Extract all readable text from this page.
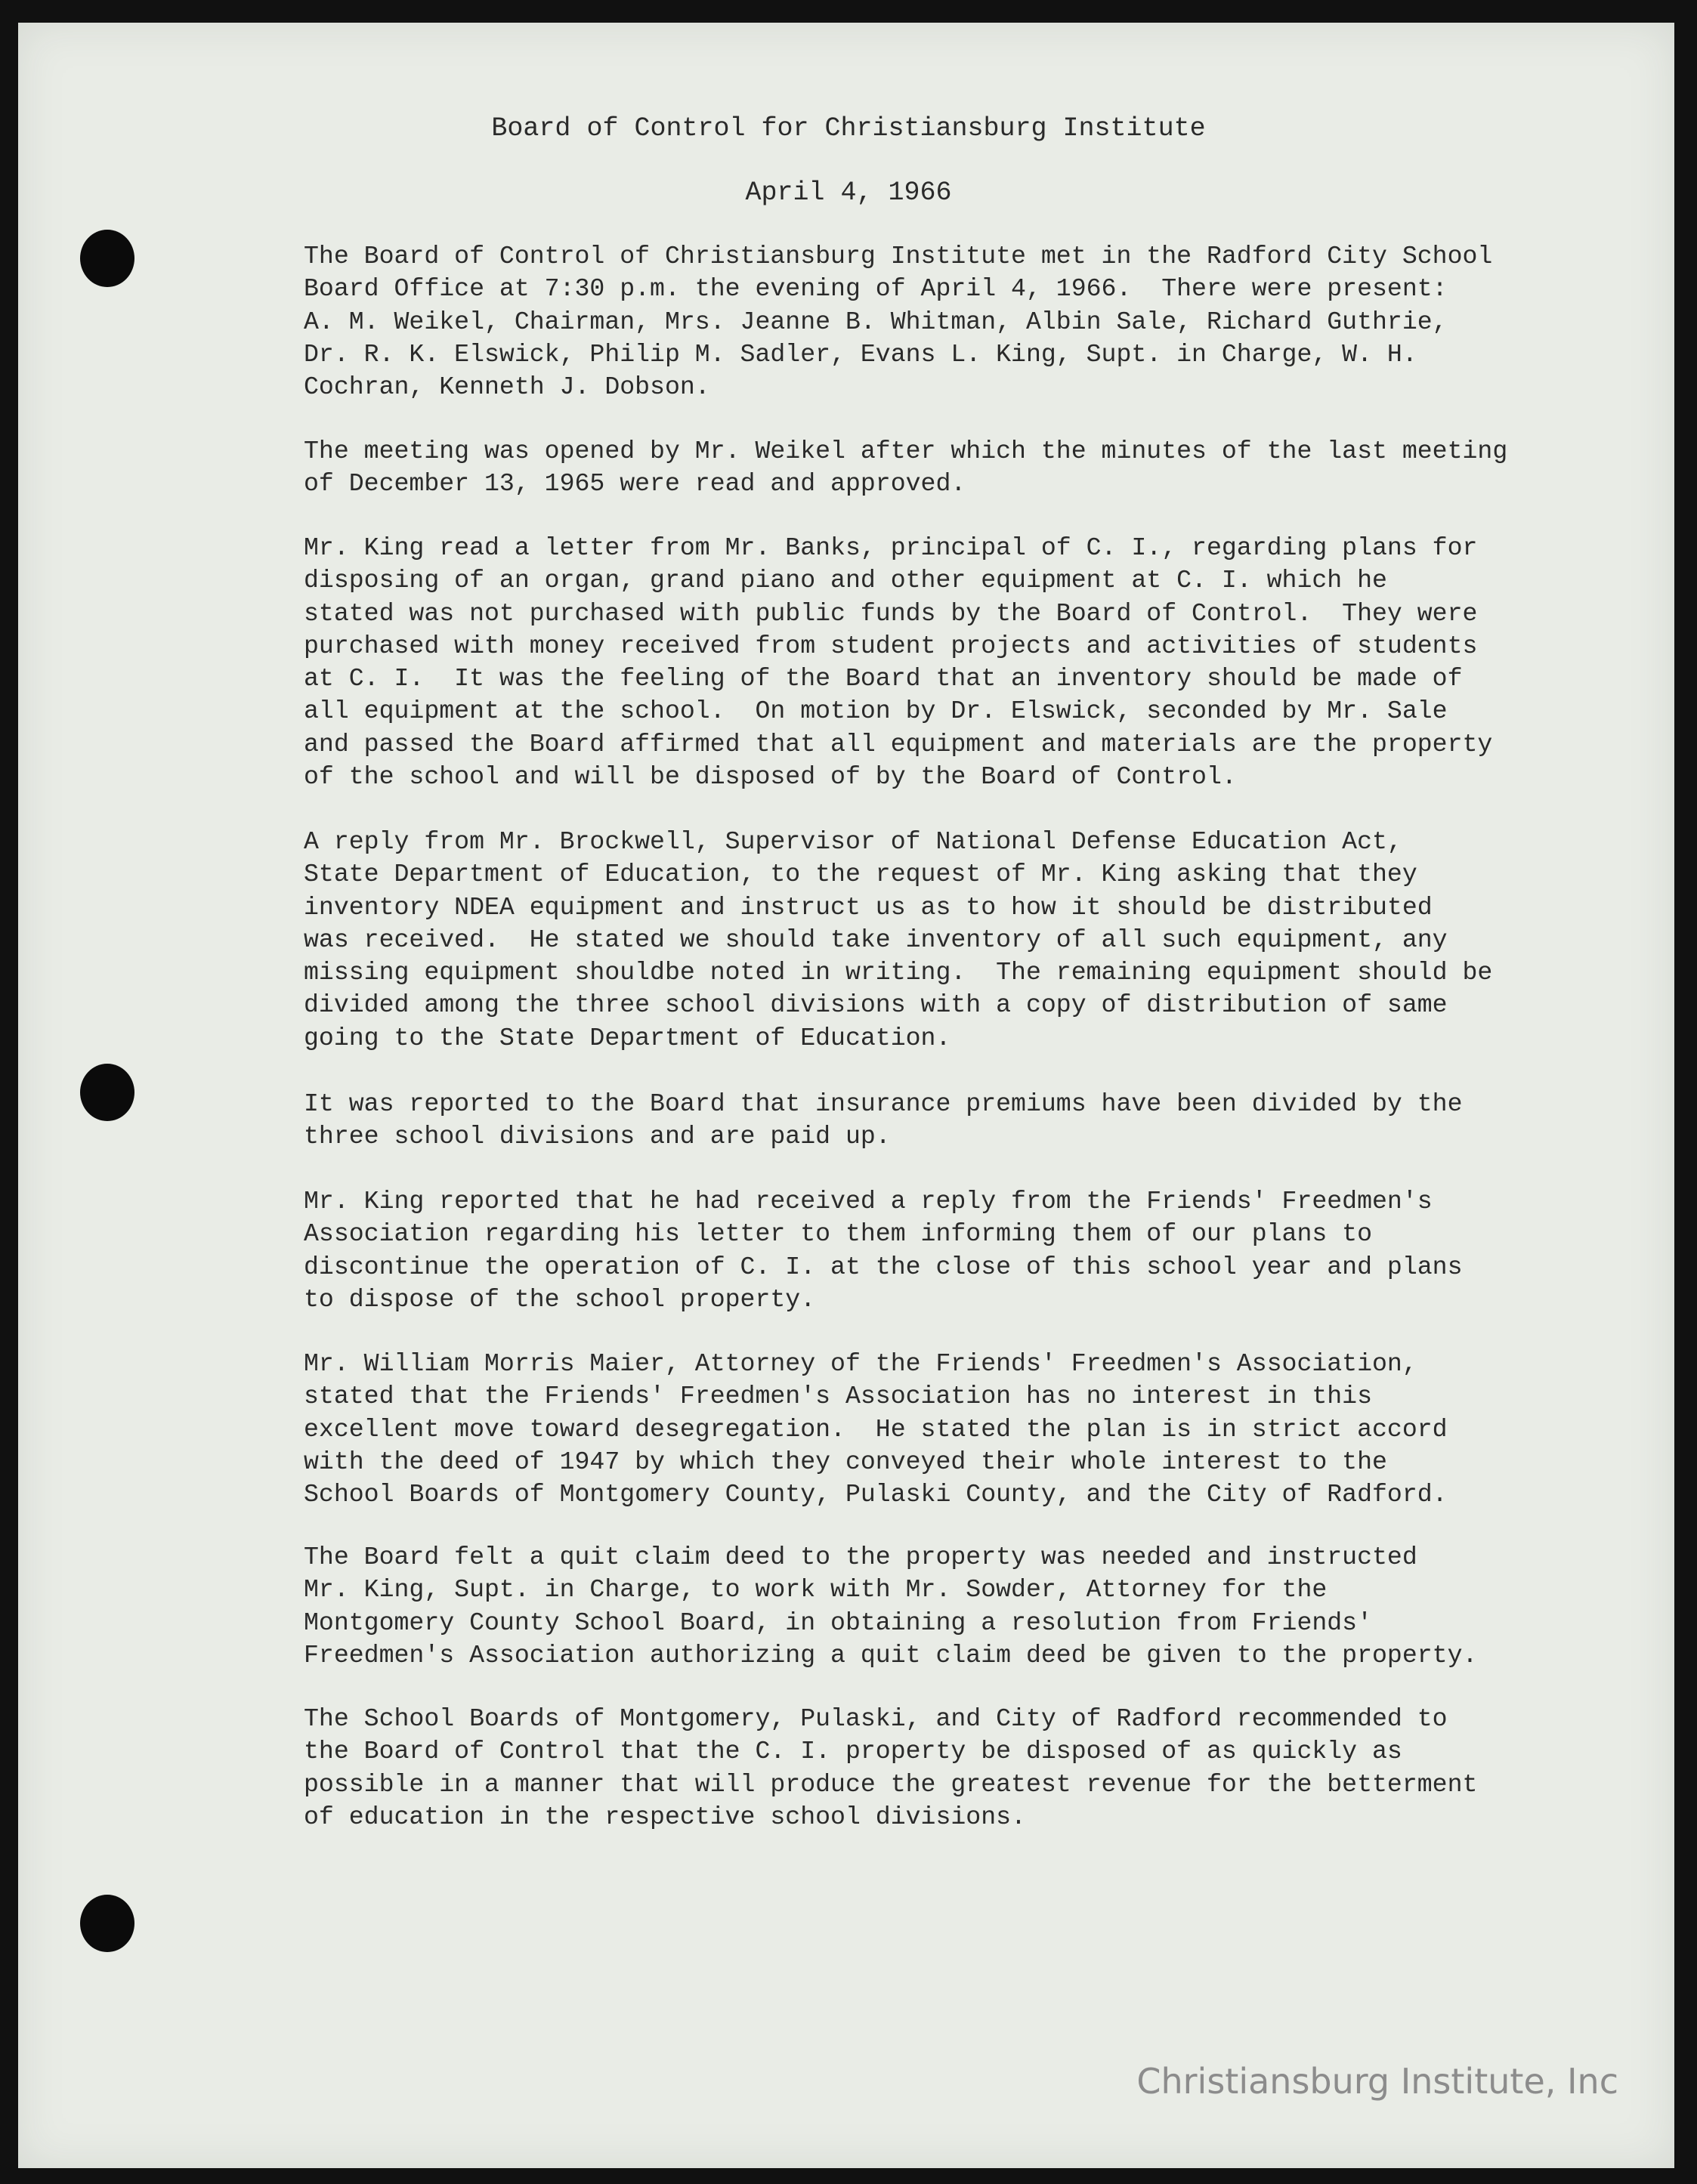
Board of Control for Christiansburg Institute
April 4, 1966
The Board of Control of Christiansburg Institute met in the Radford City School
Board Office at 7:30 p.m. the evening of April 4, 1966.  There were present:
A. M. Weikel, Chairman, Mrs. Jeanne B. Whitman, Albin Sale, Richard Guthrie,
Dr. R. K. Elswick, Philip M. Sadler, Evans L. King, Supt. in Charge, W. H.
Cochran, Kenneth J. Dobson.
The meeting was opened by Mr. Weikel after which the minutes of the last meeting
of December 13, 1965 were read and approved.
Mr. King read a letter from Mr. Banks, principal of C. I., regarding plans for
disposing of an organ, grand piano and other equipment at C. I. which he
stated was not purchased with public funds by the Board of Control.  They were
purchased with money received from student projects and activities of students
at C. I.  It was the feeling of the Board that an inventory should be made of
all equipment at the school.  On motion by Dr. Elswick, seconded by Mr. Sale
and passed the Board affirmed that all equipment and materials are the property
of the school and will be disposed of by the Board of Control.
A reply from Mr. Brockwell, Supervisor of National Defense Education Act,
State Department of Education, to the request of Mr. King asking that they
inventory NDEA equipment and instruct us as to how it should be distributed
was received.  He stated we should take inventory of all such equipment, any
missing equipment shouldbe noted in writing.  The remaining equipment should be
divided among the three school divisions with a copy of distribution of same
going to the State Department of Education.
It was reported to the Board that insurance premiums have been divided by the
three school divisions and are paid up.
Mr. King reported that he had received a reply from the Friends' Freedmen's
Association regarding his letter to them informing them of our plans to
discontinue the operation of C. I. at the close of this school year and plans
to dispose of the school property.
Mr. William Morris Maier, Attorney of the Friends' Freedmen's Association,
stated that the Friends' Freedmen's Association has no interest in this
excellent move toward desegregation.  He stated the plan is in strict accord
with the deed of 1947 by which they conveyed their whole interest to the
School Boards of Montgomery County, Pulaski County, and the City of Radford.
The Board felt a quit claim deed to the property was needed and instructed
Mr. King, Supt. in Charge, to work with Mr. Sowder, Attorney for the
Montgomery County School Board, in obtaining a resolution from Friends'
Freedmen's Association authorizing a quit claim deed be given to the property.
The School Boards of Montgomery, Pulaski, and City of Radford recommended to
the Board of Control that the C. I. property be disposed of as quickly as
possible in a manner that will produce the greatest revenue for the betterment
of education in the respective school divisions.
Christiansburg Institute, Inc
